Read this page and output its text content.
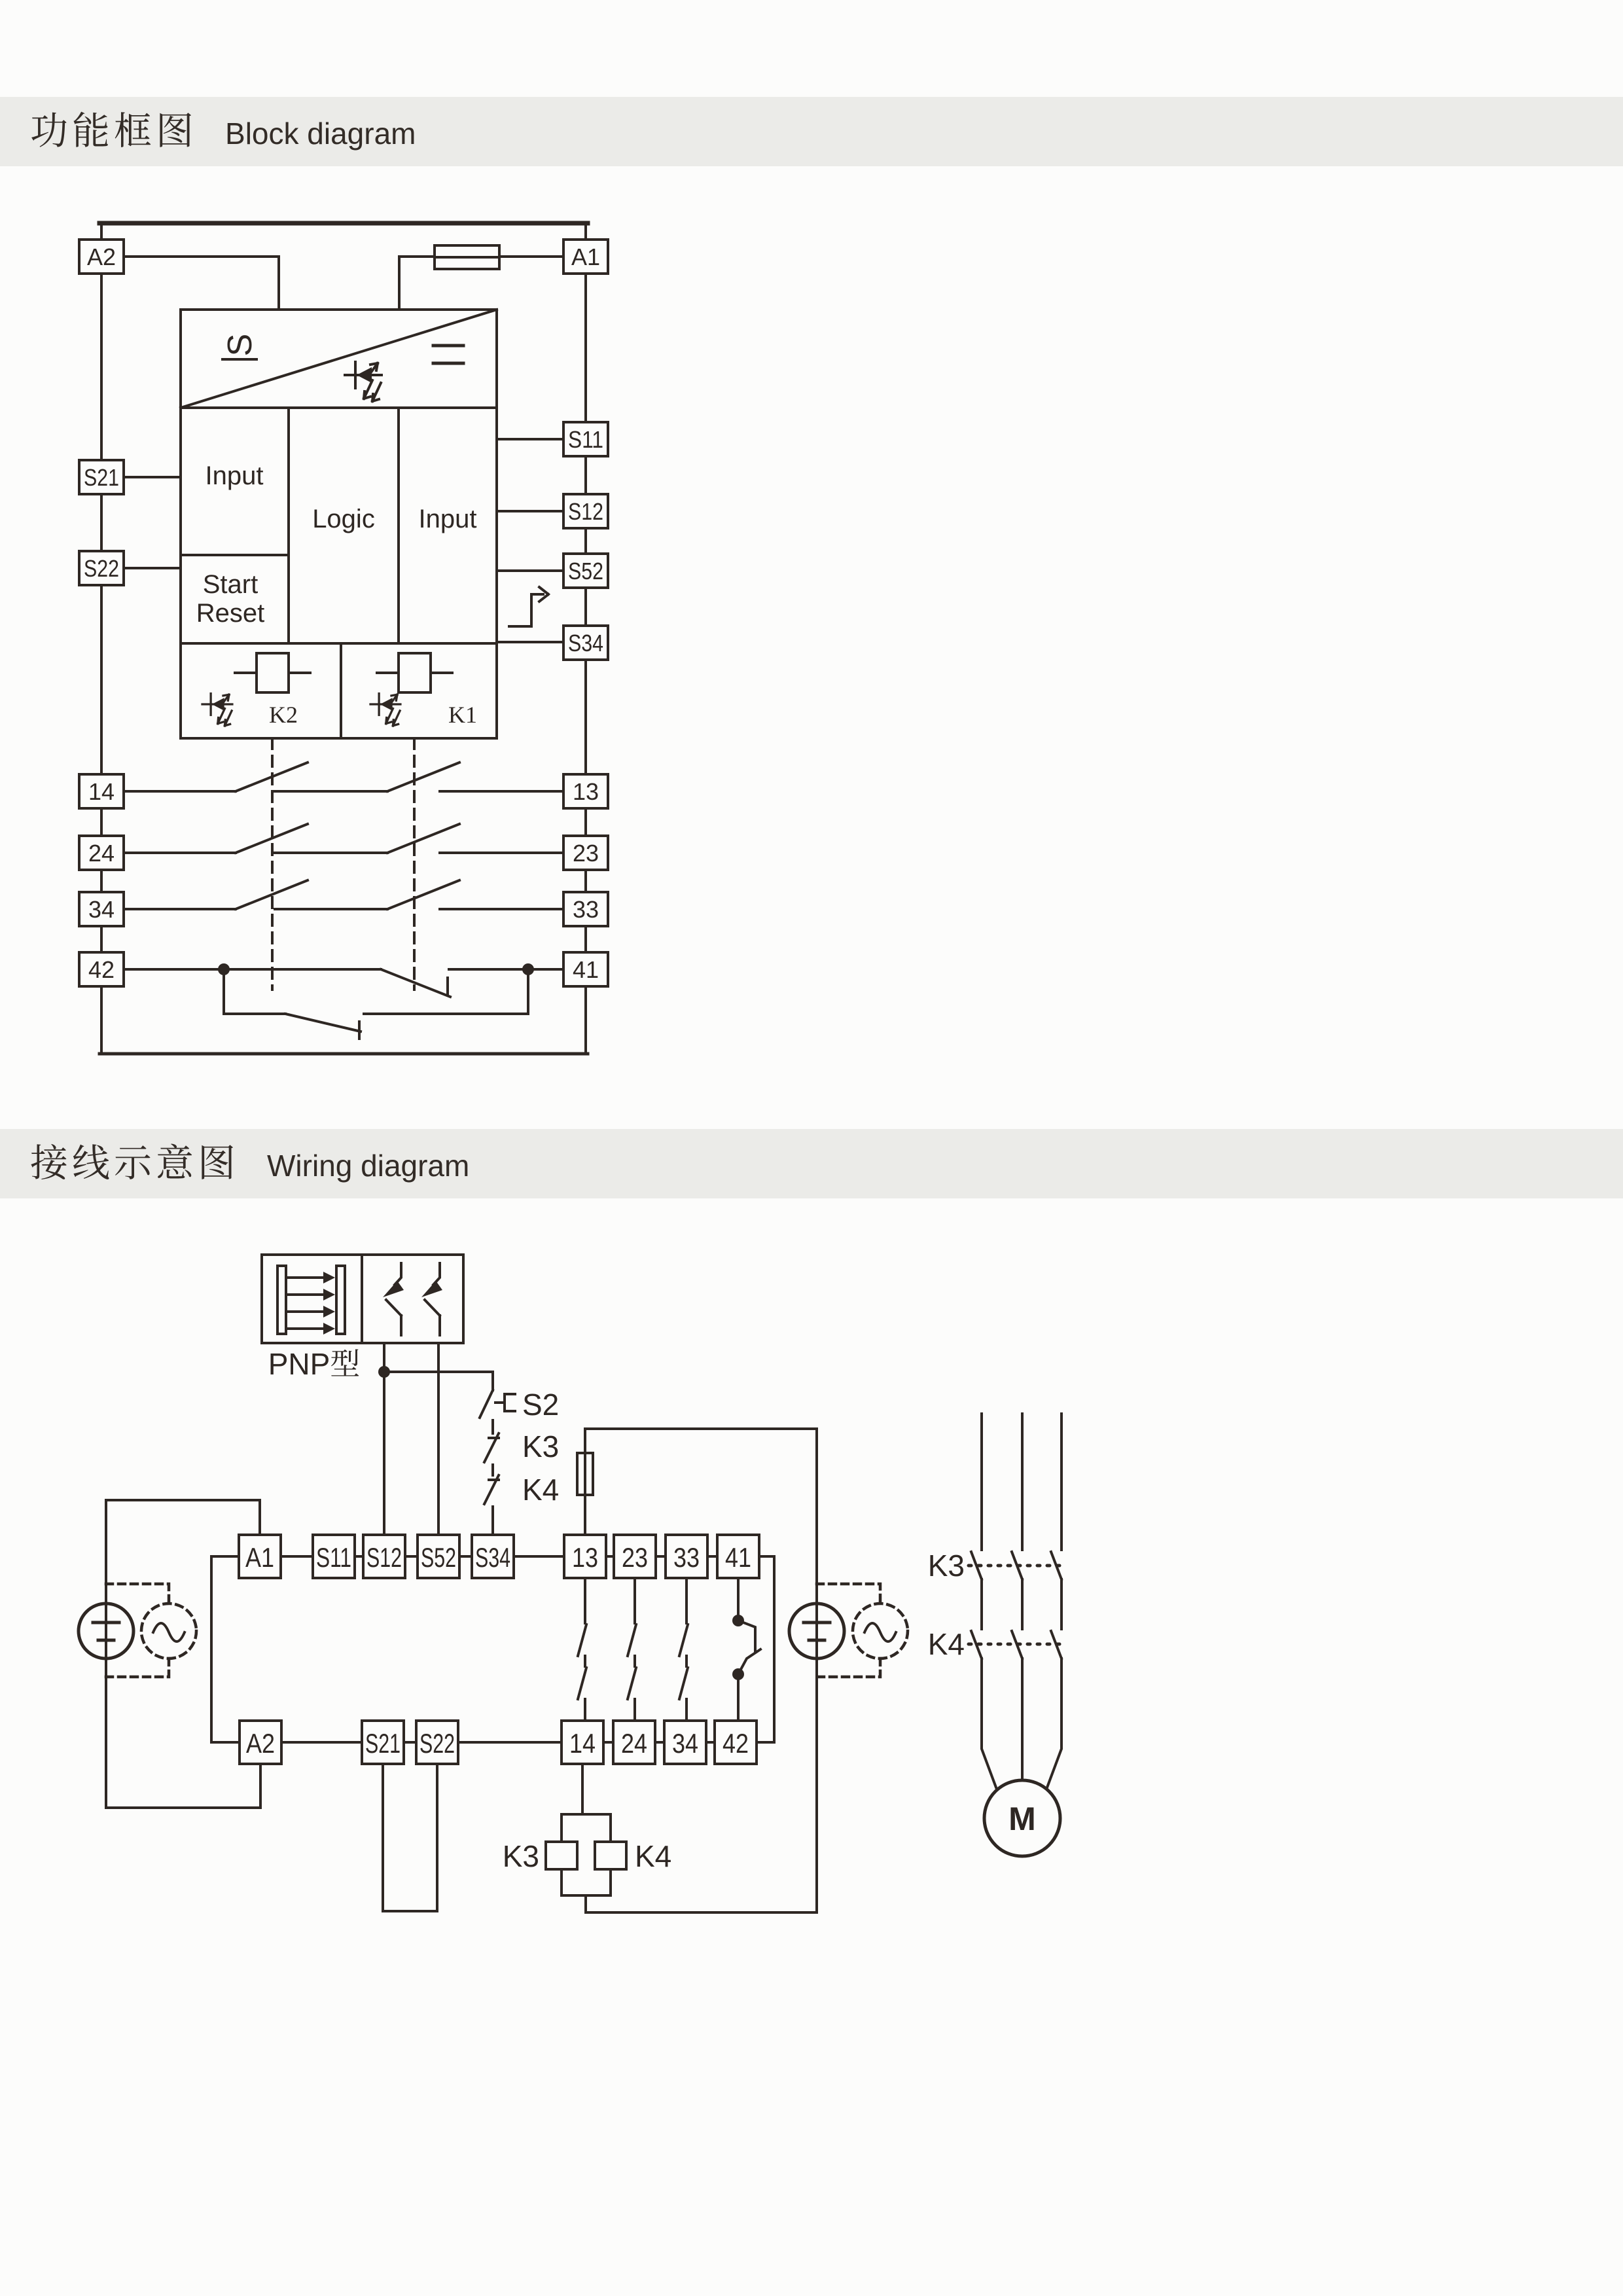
功能框图 Block diagram
S
Input
Logic Input
Start
Reset
K2	K1
A2
S21
S22
14
24
34
42
A1
S11
S12
S52
S34
13
23
33
41
接线示意图 Wiring diagram
PNP型
S2
K3
K4
A1 S11 S12 S52 S34 13 23 33 41
A2	S21 S22	14 24 34 42
K3	K4
K3
K4
M
